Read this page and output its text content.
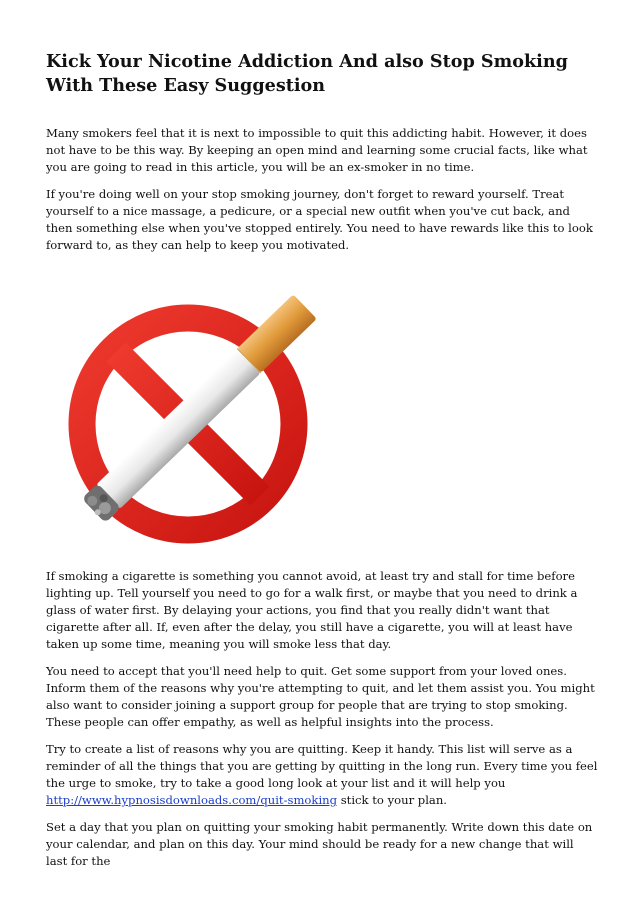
Kick Your Nicotine Addiction And also Stop Smoking With These Easy Suggestion

Many smokers feel that it is next to impossible to quit this addicting habit. However, it does not have to be this way. By keeping an open mind and learning some crucial facts, like what you are going to read in this article, you will be an ex-smoker in no time.

If you're doing well on your stop smoking journey, don't forget to reward yourself. Treat yourself to a nice massage, a pedicure, or a special new outfit when you've cut back, and then something else when you've stopped entirely. You need to have rewards like this to look forward to, as they can help to keep you motivated.

If smoking a cigarette is something you cannot avoid, at least try and stall for time before lighting up. Tell yourself you need to go for a walk first, or maybe that you need to drink a glass of water first. By delaying your actions, you find that you really didn't want that cigarette after all. If, even after the delay, you still have a cigarette, you will at least have taken up some time, meaning you will smoke less that day.

You need to accept that you'll need help to quit. Get some support from your loved ones. Inform them of the reasons why you're attempting to quit, and let them assist you. You might also want to consider joining a support group for people that are trying to stop smoking. These people can offer empathy, as well as helpful insights into the process.

Try to create a list of reasons why you are quitting. Keep it handy. This list will serve as a reminder of all the things that you are getting by quitting in the long run. Every time you feel the urge to smoke, try to take a good long look at your list and it will help you http://www.hypnosisdownloads.com/quit-smoking stick to your plan.

Set a day that you plan on quitting your smoking habit permanently. Write down this date on your calendar, and plan on this day. Your mind should be ready for a new change that will last for the
